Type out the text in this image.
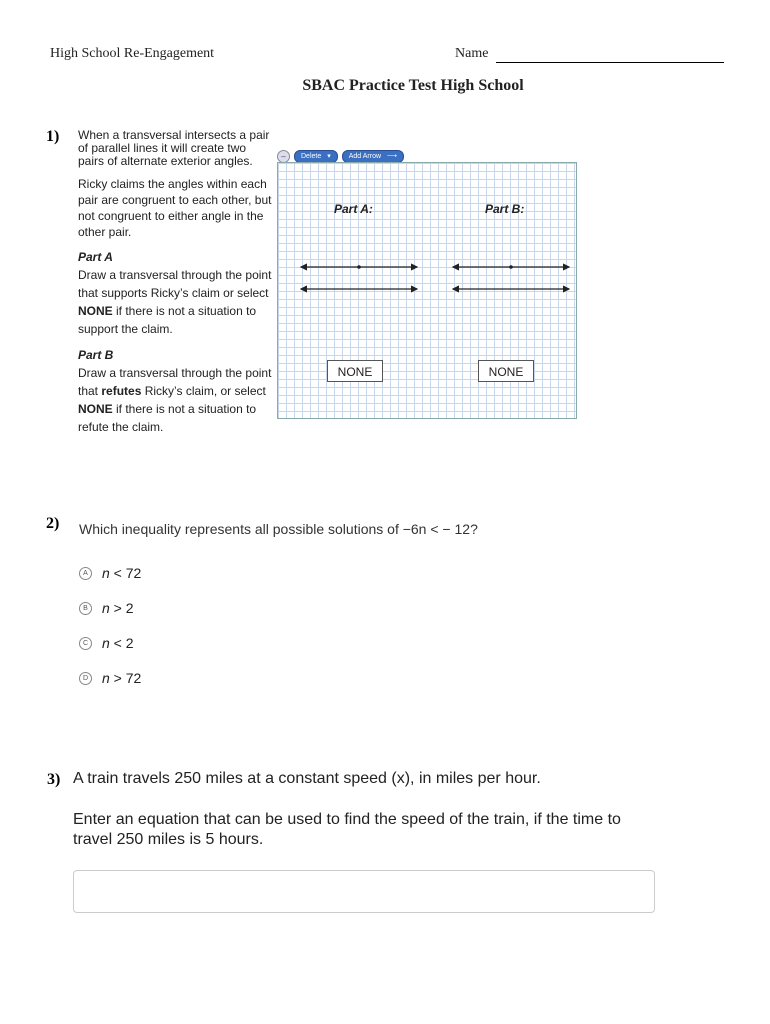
High School Re-Engagement	Name
SBAC Practice Test High School
1) When a transversal intersects a pair of parallel lines it will create two pairs of alternate exterior angles.

Ricky claims the angles within each pair are congruent to each other, but not congruent to either angle in the other pair.

Part A
Draw a transversal through the point that supports Ricky’s claim or select NONE if there is not a situation to support the claim.

Part B
Draw a transversal through the point that refutes Ricky’s claim, or select NONE if there is not a situation to refute the claim.

–	Delete ▾	Add Arrow ⟶
Part A:	Part B:
NONE	NONE
2) Which inequality represents all possible solutions of −6n < − 12?
A n < 72
B n > 2
C n < 2
D n > 72
3) A train travels 250 miles at a constant speed (x), in miles per hour.
Enter an equation that can be used to find the speed of the train, if the time to travel 250 miles is 5 hours.
